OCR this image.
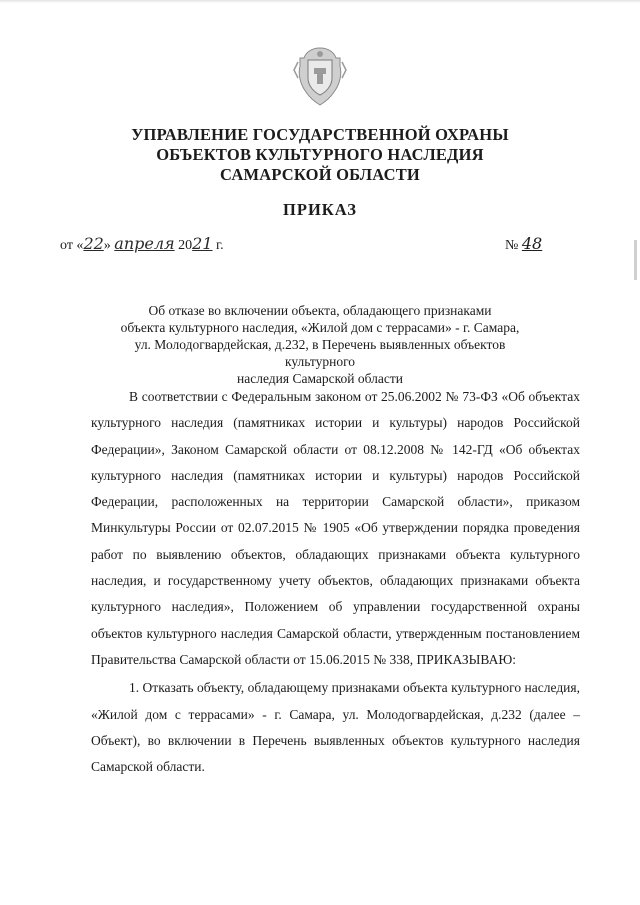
УПРАВЛЕНИЕ ГОСУДАРСТВЕННОЙ ОХРАНЫ
ОБЪЕКТОВ КУЛЬТУРНОГО НАСЛЕДИЯ
САМАРСКОЙ ОБЛАСТИ
ПРИКАЗ
от «22» апреля 2021 г.	№ 48
Об отказе во включении объекта, обладающего признаками
объекта культурного наследия, «Жилой дом с террасами» - г. Самара,
ул. Молодогвардейская, д.232, в Перечень выявленных объектов культурного
наследия Самарской области

В соответствии с Федеральным законом от 25.06.2002 № 73-ФЗ «Об объектах культурного наследия (памятниках истории и культуры) народов Российской Федерации», Законом Самарской области от 08.12.2008 № 142-ГД «Об объектах культурного наследия (памятниках истории и культуры) народов Российской Федерации, расположенных на территории Самарской области», приказом Минкультуры России от 02.07.2015 № 1905 «Об утверждении порядка проведения работ по выявлению объектов, обладающих признаками объекта культурного наследия, и государственному учету объектов, обладающих признаками объекта культурного наследия», Положением об управлении государственной охраны объектов культурного наследия Самарской области, утвержденным постановлением Правительства Самарской области от 15.06.2015 № 338, ПРИКАЗЫВАЮ:

1. Отказать объекту, обладающему признаками объекта культурного наследия, «Жилой дом с террасами» - г. Самара, ул. Молодогвардейская, д.232 (далее – Объект), во включении в Перечень выявленных объектов культурного наследия Самарской области.
